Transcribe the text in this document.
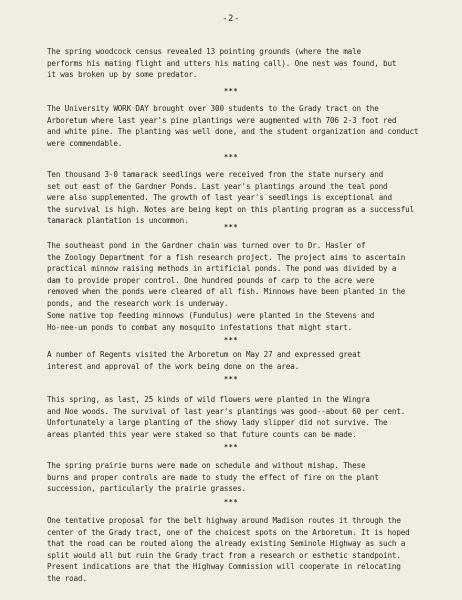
-2-

The spring woodcock census revealed 13 pointing grounds (where the male
performs his mating flight and utters his mating call). One nest was found, but
it was broken up by some predator.

***

The University WORK DAY brought over 300 students to the Grady tract on the
Arboretum where last year's pine plantings were augmented with 706 2-3 foot red
and white pine. The planting was well done, and the student organization and conduct
were commendable.

***

Ten thousand 3-0 tamarack seedlings were received from the state nursery and
set out east of the Gardner Ponds. Last year's plantings around the teal pond
were also supplemented. The growth of last year's seedlings is exceptional and
the survival is high. Notes are being kept on this planting program as a successful
tamarack plantation is uncommon.

***

The southeast pond in the Gardner chain was turned over to Dr. Hasler of
the Zoology Department for a fish research project. The project aims to ascertain
practical minnow raising methods in artificial ponds. The pond was divided by a
dam to provide proper control. One hundred pounds of carp to the acre were
removed when the ponds were cleared of all fish. Minnows have been planted in the
ponds, and the research work is underway.

Some native top feeding minnows (Fundulus) were planted in the Stevens and
Ho-nee-um ponds to combat any mosquito infestations that might start.

***

A number of Regents visited the Arboretum on May 27 and expressed great
interest and approval of the work being done on the area.

***

This spring, as last, 25 kinds of wild flowers were planted in the Wingra
and Noe woods. The survival of last year's plantings was good--about 60 per cent.
Unfortunately a large planting of the showy lady slipper did not survive. The
areas planted this year were staked so that future counts can be made.

***

The spring prairie burns were made on schedule and without mishap. These
burns and proper controls are made to study the effect of fire on the plant
succession, particularly the prairie grasses.

***

One tentative proposal for the belt highway around Madison routes it through the
center of the Grady tract, one of the choicest spots on the Arboretum. It is hoped
that the road can be routed along the already existing Seminole Highway as such a
split would all but ruin the Grady tract from a research or esthetic standpoint.
Present indications are that the Highway Commission will cooperate in relocating
the road.
